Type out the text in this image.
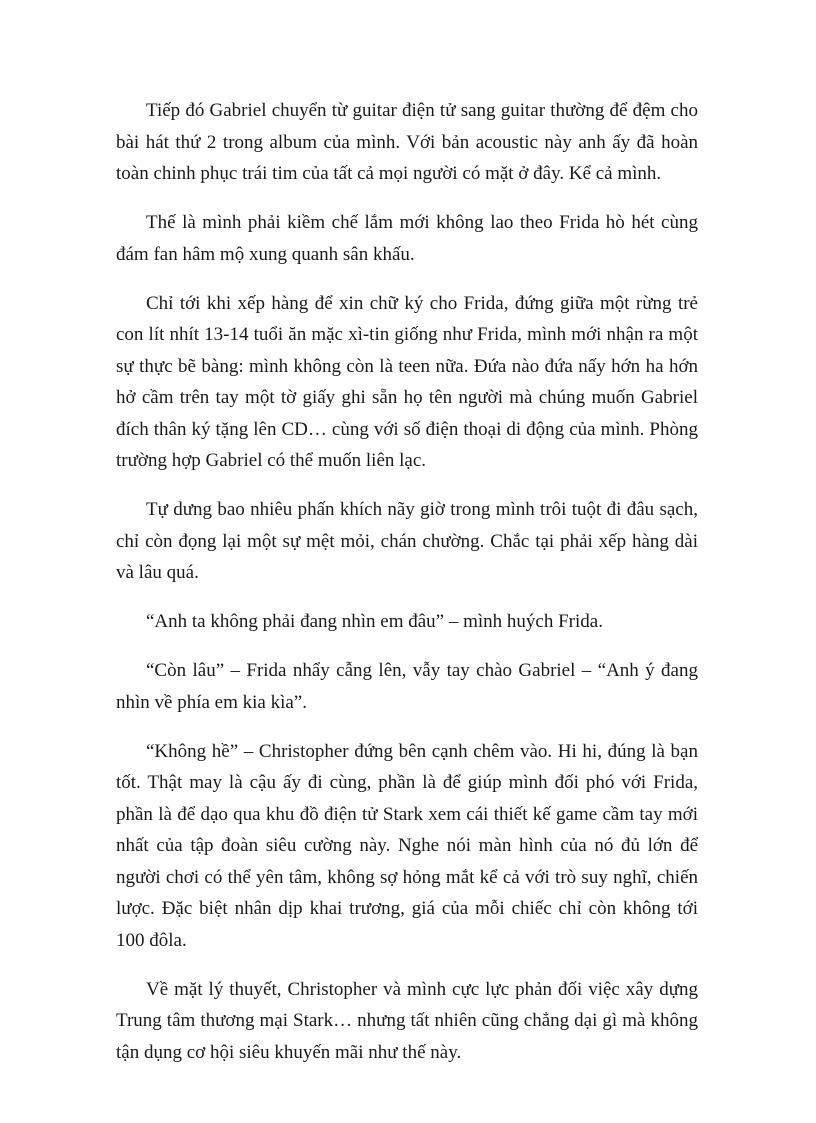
Tiếp đó Gabriel chuyển từ guitar điện tử sang guitar thường để đệm cho bài hát thứ 2 trong album của mình. Với bản acoustic này anh ấy đã hoàn toàn chinh phục trái tim của tất cả mọi người có mặt ở đây. Kể cả mình.

Thế là mình phải kiềm chế lắm mới không lao theo Frida hò hét cùng đám fan hâm mộ xung quanh sân khấu.

Chỉ tới khi xếp hàng để xin chữ ký cho Frida, đứng giữa một rừng trẻ con lít nhít 13-14 tuổi ăn mặc xì-tin giống như Frida, mình mới nhận ra một sự thực bẽ bàng: mình không còn là teen nữa. Đứa nào đứa nấy hớn ha hớn hở cầm trên tay một tờ giấy ghi sẵn họ tên người mà chúng muốn Gabriel đích thân ký tặng lên CD… cùng với số điện thoại di động của mình. Phòng trường hợp Gabriel có thể muốn liên lạc.

Tự dưng bao nhiêu phấn khích nãy giờ trong mình trôi tuột đi đâu sạch, chỉ còn đọng lại một sự mệt mỏi, chán chường. Chắc tại phải xếp hàng dài và lâu quá.

“Anh ta không phải đang nhìn em đâu” – mình huých Frida.

“Còn lâu” – Frida nhẩy cẫng lên, vẫy tay chào Gabriel – “Anh ý đang nhìn về phía em kia kìa”.

“Không hề” – Christopher đứng bên cạnh chêm vào. Hi hi, đúng là bạn tốt. Thật may là cậu ấy đi cùng, phần là để giúp mình đối phó với Frida, phần là để dạo qua khu đồ điện tử Stark xem cái thiết kế game cầm tay mới nhất của tập đoàn siêu cường này. Nghe nói màn hình của nó đủ lớn để người chơi có thể yên tâm, không sợ hỏng mắt kể cả với trò suy nghĩ, chiến lược. Đặc biệt nhân dịp khai trương, giá của mỗi chiếc chỉ còn không tới 100 đôla.

Về mặt lý thuyết, Christopher và mình cực lực phản đối việc xây dựng Trung tâm thương mại Stark… nhưng tất nhiên cũng chẳng dại gì mà không tận dụng cơ hội siêu khuyến mãi như thế này.
